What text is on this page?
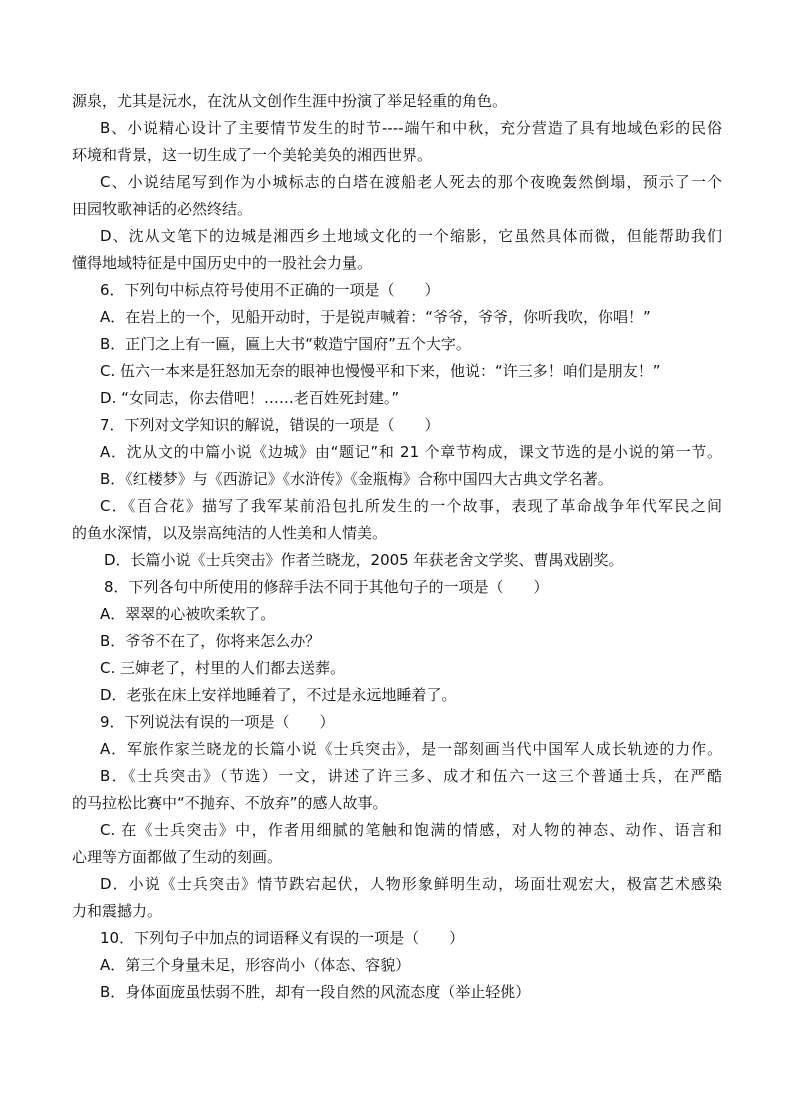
源泉，尤其是沅水，在沈从文创作生涯中扮演了举足轻重的角色。
B、小说精心设计了主要情节发生的时节----端午和中秋，充分营造了具有地域色彩的民俗
环境和背景，这一切生成了一个美轮美奂的湘西世界。
C、小说结尾写到作为小城标志的白塔在渡船老人死去的那个夜晚轰然倒塌，预示了一个
田园牧歌神话的必然终结。
D、沈从文笔下的边城是湘西乡土地域文化的一个缩影，它虽然具体而微，但能帮助我们
懂得地域特征是中国历史中的一股社会力量。
6．下列句中标点符号使用不正确的一项是（　　）
A．在岩上的一个，见船开动时，于是锐声喊着：“爷爷，爷爷，你听我吹，你唱！”
B．正门之上有一匾，匾上大书“敕造宁国府”五个大字。
C. 伍六一本来是狂怒加无奈的眼神也慢慢平和下来，他说：“许三多！咱们是朋友！”
D. “女同志，你去借吧！……老百姓死封建。”
7．下列对文学知识的解说，错误的一项是（　　）
A．沈从文的中篇小说《边城》由“题记”和 21 个章节构成，课文节选的是小说的第一节。
B．《红楼梦》与《西游记》《水浒传》《金瓶梅》合称中国四大古典文学名著。
C．《百合花》描写了我军某前沿包扎所发生的一个故事，表现了革命战争年代军民之间
的鱼水深情，以及崇高纯洁的人性美和人情美。
D．长篇小说《士兵突击》作者兰晓龙，2005 年获老舍文学奖、曹禺戏剧奖。
8．下列各句中所使用的修辞手法不同于其他句子的一项是（　　）
A．翠翠的心被吹柔软了。
B．爷爷不在了，你将来怎么办？
C. 三婶老了，村里的人们都去送葬。
D．老张在床上安祥地睡着了，不过是永远地睡着了。
9．下列说法有误的一项是（　　）
A．军旅作家兰晓龙的长篇小说《士兵突击》，是一部刻画当代中国军人成长轨迹的力作。
B．《士兵突击》（节选）一文，讲述了许三多、成才和伍六一这三个普通士兵，在严酷
的马拉松比赛中“不抛弃、不放弃”的感人故事。
C. 在《士兵突击》中，作者用细腻的笔触和饱满的情感，对人物的神态、动作、语言和
心理等方面都做了生动的刻画。
D．小说《士兵突击》情节跌宕起伏，人物形象鲜明生动，场面壮观宏大，极富艺术感染
力和震撼力。
10．下列句子中加点的词语释义有误的一项是（　　）
A．第三个身量未足，形容尚小（体态、容貌）
B．身体面庞虽怯弱不胜，却有一段自然的风流态度（举止轻佻）
